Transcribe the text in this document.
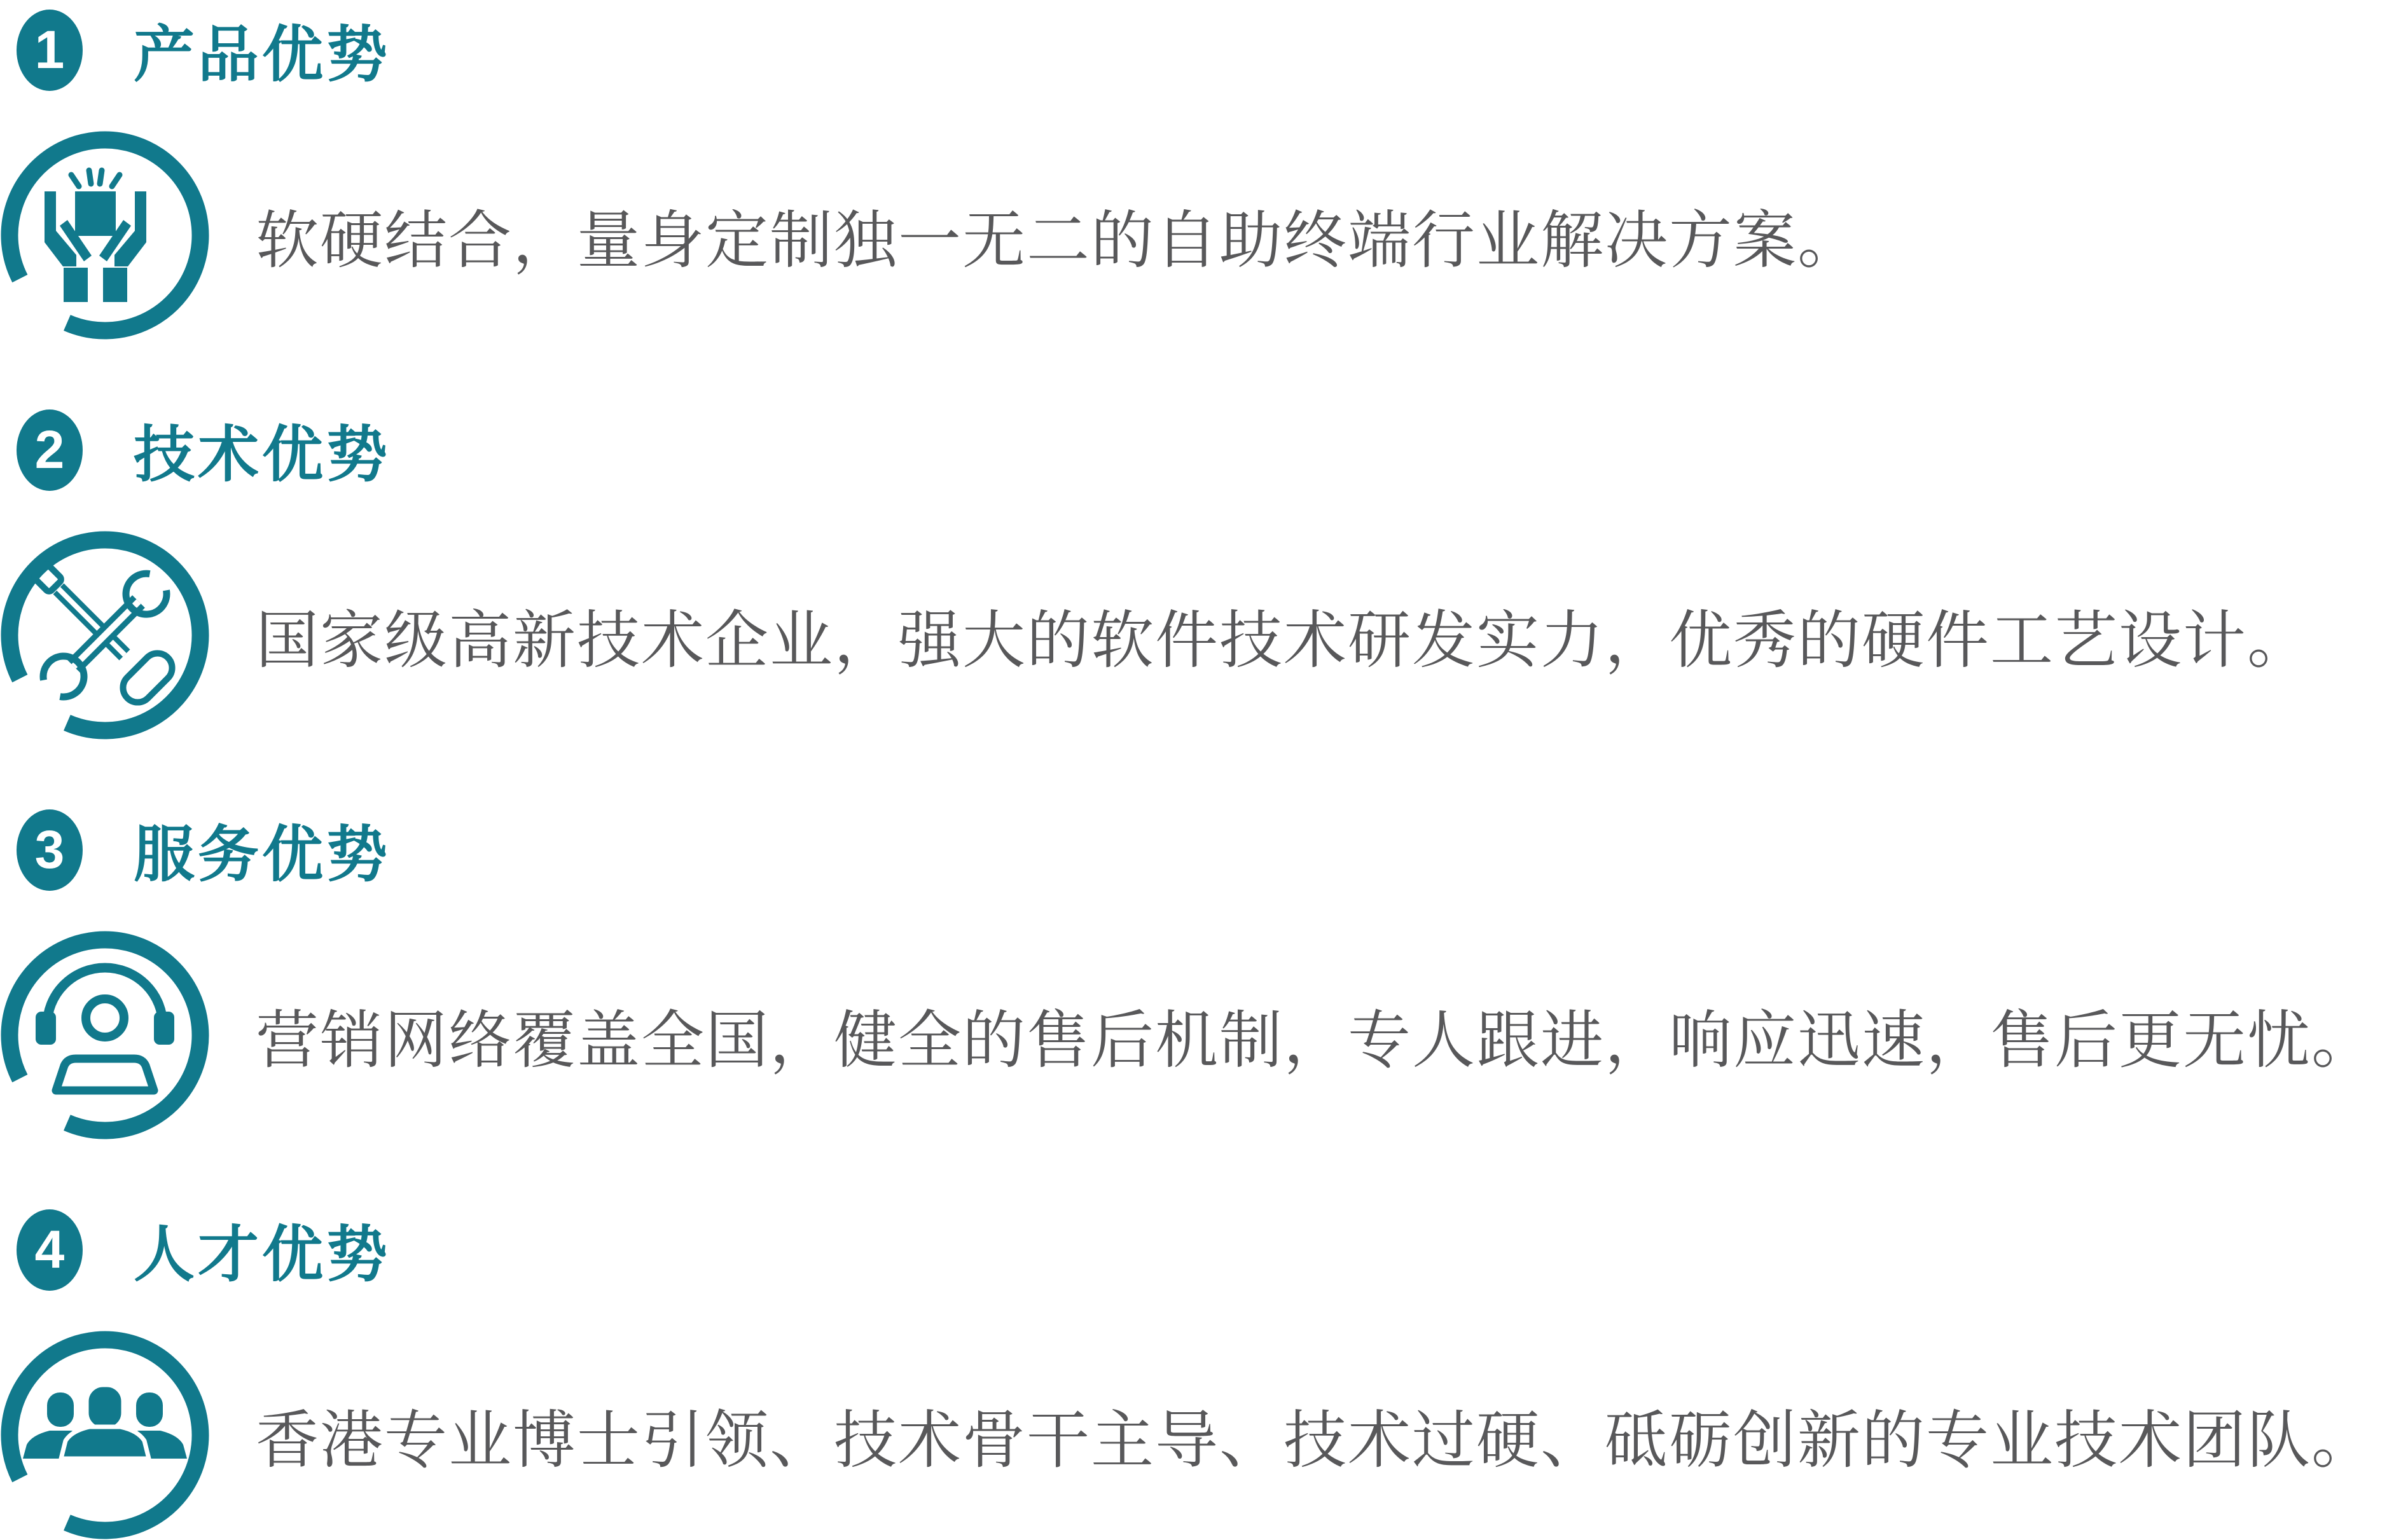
1 产品优势
软硬结合，量身定制独一无二的自助终端行业解决方案。
2 技术优势
国家级高新技术企业，强大的软件技术研发实力，优秀的硬件工艺设计。
3 服务优势
营销网络覆盖全国，健全的售后机制，专人跟进，响应迅速，售后更无忧。
4 人才优势
香港专业博士引领、技术骨干主导、技术过硬、砥砺创新的专业技术团队。
